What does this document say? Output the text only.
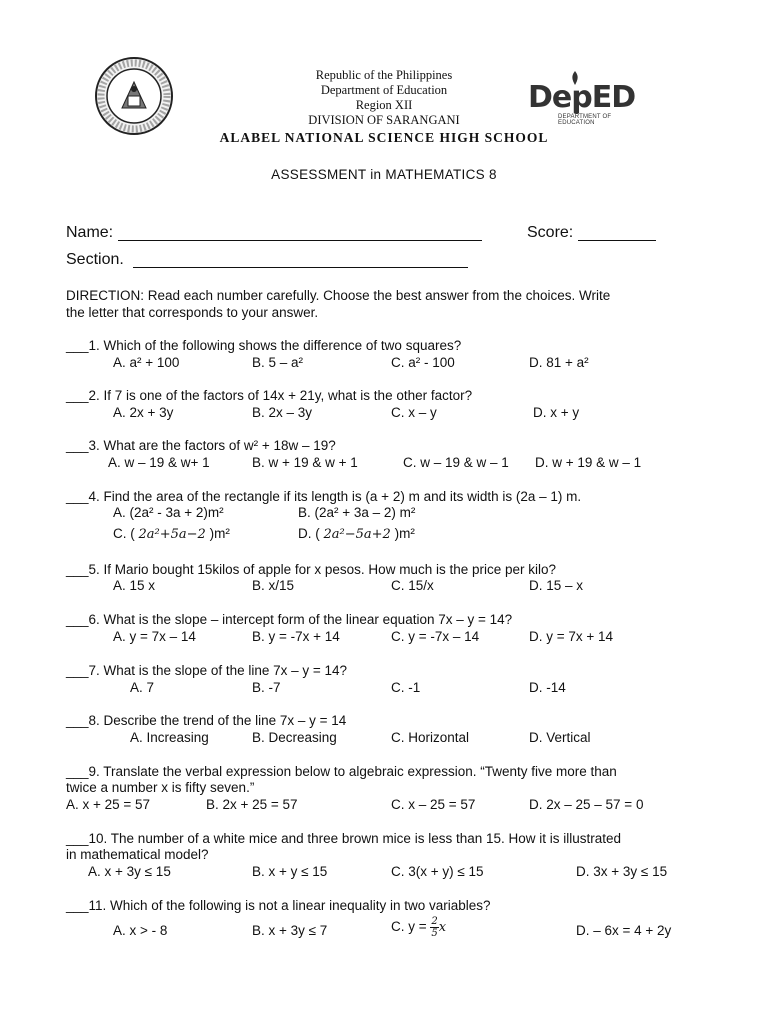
Republic of the Philippines
Department of Education
Region XII
DIVISION OF SARANGANI
ALABEL NATIONAL SCIENCE HIGH SCHOOL
DepED
DEPARTMENT OF EDUCATION
ASSESSMENT in MATHEMATICS 8
Name:	Score:
Section.
DIRECTION: Read each number carefully. Choose the best answer from the choices. Write
the letter that corresponds to your answer.
___1. Which of the following shows the difference of two squares?
A. a² + 100	B. 5 – a²	C. a² - 100	D. 81 + a²
___2. If 7 is one of the factors of 14x + 21y, what is the other factor?
A. 2x + 3y	B. 2x – 3y	C. x – y	D. x + y
___3. What are the factors of w² + 18w – 19?
A. w – 19 & w+ 1	B. w + 19 & w + 1	C. w – 19 & w – 1 D. w + 19 & w – 1
___4. Find the area of the rectangle if its length is (a + 2) m and its width is (2a – 1) m.
A. (2a² - 3a + 2)m²	B. (2a² + 3a – 2) m²
C. ( 2a²+5a−2 )m²	D. ( 2a²−5a+2 )m²
___5. If Mario bought 15kilos of apple for x pesos. How much is the price per kilo?
A. 15 x	B. x/15	C. 15/x	D. 15 – x
___6. What is the slope – intercept form of the linear equation 7x – y = 14?
A. y = 7x – 14	B. y = -7x + 14	C. y = -7x – 14	D. y = 7x + 14
___7. What is the slope of the line 7x – y = 14?
A. 7	B. -7	C. -1	D. -14
___8. Describe the trend of the line 7x – y = 14
A. Increasing	B. Decreasing	C. Horizontal	D. Vertical
___9. Translate the verbal expression below to algebraic expression. “Twenty five more than
twice a number x is fifty seven.”
A. x + 25 = 57	B. 2x + 25 = 57	C. x – 25 = 57	D. 2x – 25 – 57 = 0
___10. The number of a white mice and three brown mice is less than 15. How it is illustrated
in mathematical model?
A. x + 3y ≤ 15	B. x + y ≤ 15	C. 3(x + y) ≤ 15	D. 3x + 3y ≤ 15
___11. Which of the following is not a linear inequality in two variables?
A. x > - 8	B. x + 3y ≤ 7	C. $y = \frac{2}{5}$ x	D. – 6x = 4 + 2y
